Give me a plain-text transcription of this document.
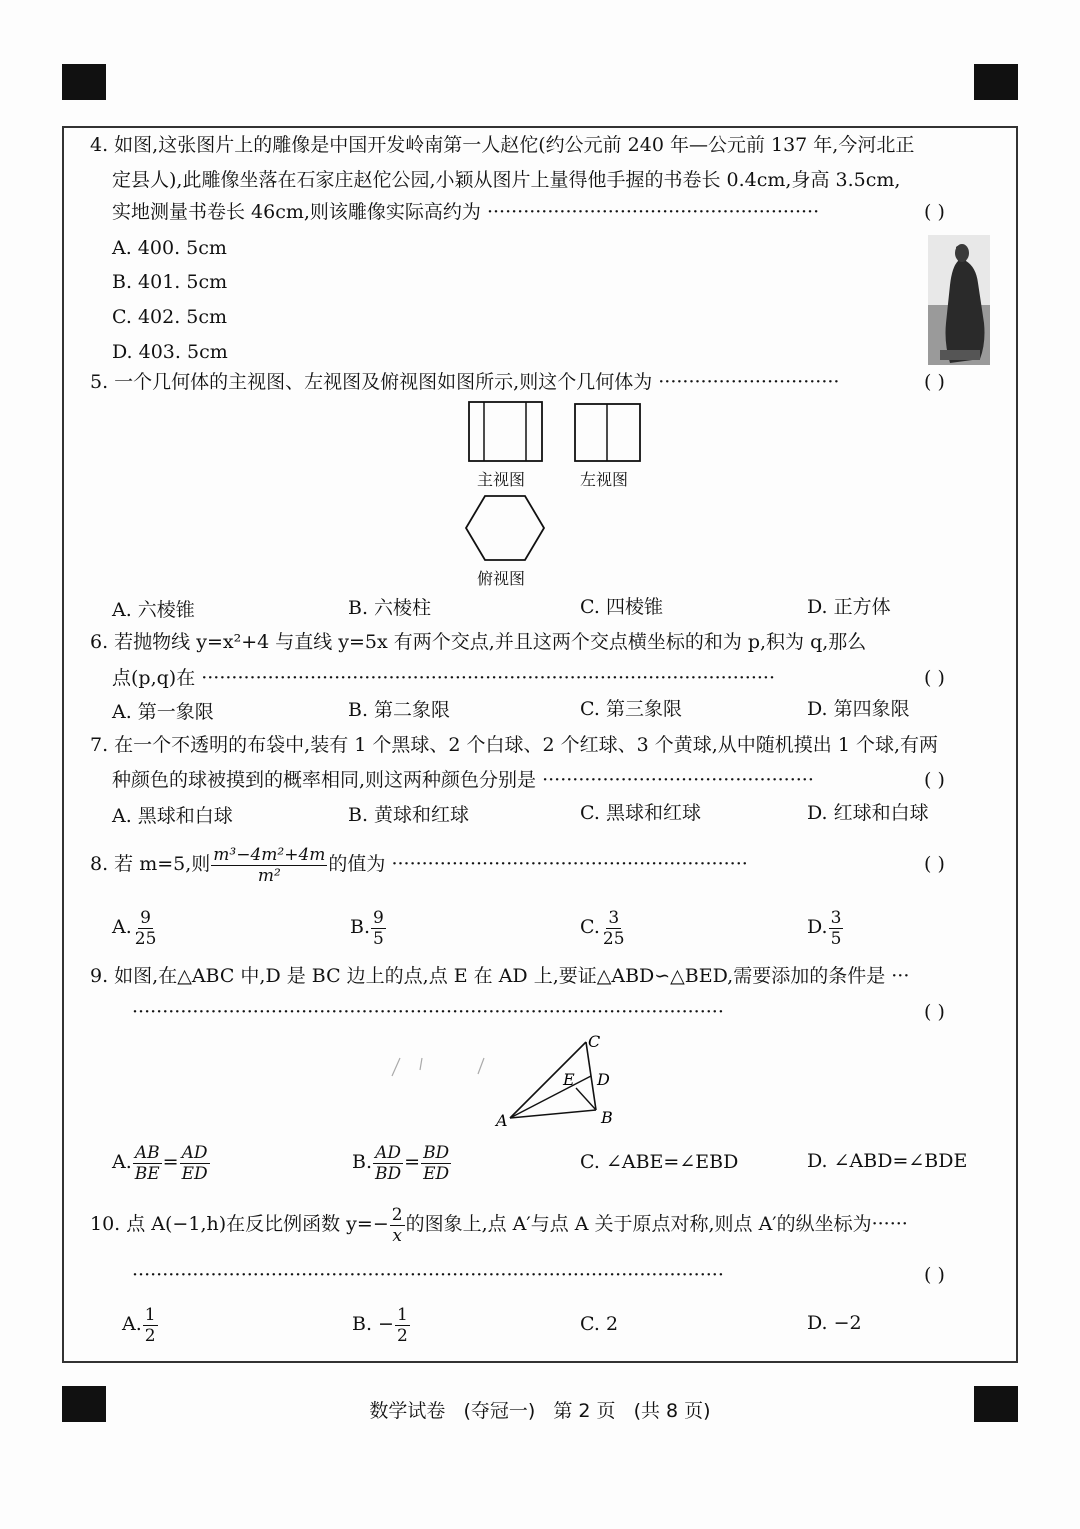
4. 如图,这张图片上的雕像是中国开发岭南第一人赵佗(约公元前 240 年—公元前 137 年,今河北正
定县人),此雕像坐落在石家庄赵佗公园,小颖从图片上量得他手握的书卷长 0.4cm,身高 3.5cm,
实地测量书卷长 46cm,则该雕像实际高约为 ·······················································	( )
A. 400. 5cm
B. 401. 5cm
C. 402. 5cm
D. 403. 5cm
5. 一个几何体的主视图、左视图及俯视图如图所示,则这个几何体为 ······························	( )
主视图	左视图
俯视图
A. 六棱锥	B. 六棱柱	C. 四棱锥	D. 正方体
6. 若抛物线 y=x²+4 与直线 y=5x 有两个交点,并且这两个交点横坐标的和为 p,积为 q,那么
点(p,q)在 ·······························································································	( )
A. 第一象限	B. 第二象限	C. 第三象限	D. 第四象限
7. 在一个不透明的布袋中,装有 1 个黑球、2 个白球、2 个红球、3 个黄球,从中随机摸出 1 个球,有两
种颜色的球被摸到的概率相同,则这两种颜色分别是 ·············································	( )
A. 黑球和白球	B. 黄球和红球	C. 黑球和红球	D. 红球和白球
8. 若 m=5,则 $\frac{\text{m³−4m²+4m}}{\text{m²}}$ 的值为 ···························································	( )
A. $\frac{9}{25}$	B. $\frac{9}{5}$	C. $\frac{3}{25}$	D. $\frac{3}{5}$
9. 如图,在△ABC 中,D 是 BC 边上的点,点 E 在 AD 上,要证△ABD∽△BED,需要添加的条件是 ···
··································································································	( )
A	B
C
D
E
A. $\frac{AB}{BE} = \frac{AD}{ED}$	B. $\frac{AD}{BD} = \frac{BD}{ED}$	C. ∠ABE=∠EBD	D. ∠ABD=∠BDE
10. 点 A(−1,h)在反比例函数 $y=- \frac{2}{x}$ 的图象上,点 A′与点 A 关于原点对称,则点 A′的纵坐标为······
··································································································	( )
A. $\frac{1}{2}$	B. − $\frac{1}{2}$	C. 2	D. −2
数学试卷 (夺冠一) 第 2 页 (共 8 页)
